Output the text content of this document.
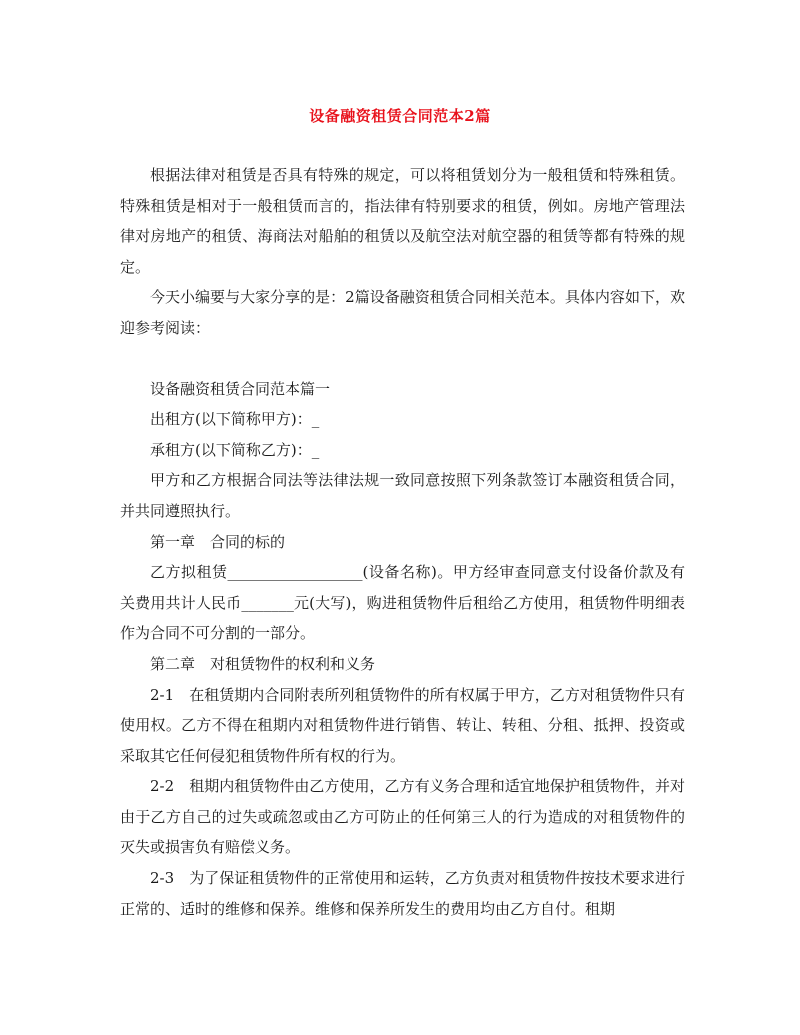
设备融资租赁合同范本2篇

根据法律对租赁是否具有特殊的规定，可以将租赁划分为一般租赁和特殊租赁。特殊租赁是相对于一般租赁而言的，指法律有特别要求的租赁，例如。房地产管理法律对房地产的租赁、海商法对船舶的租赁以及航空法对航空器的租赁等都有特殊的规定。

今天小编要与大家分享的是：2篇设备融资租赁合同相关范本。具体内容如下，欢迎参考阅读：

设备融资租赁合同范本篇一

出租方(以下简称甲方)：_

承租方(以下简称乙方)：_

甲方和乙方根据合同法等法律法规一致同意按照下列条款签订本融资租赁合同，并共同遵照执行。

第一章　合同的标的

乙方拟租赁__________________(设备名称)。甲方经审查同意支付设备价款及有关费用共计人民币_______元(大写)，购进租赁物件后租给乙方使用，租赁物件明细表作为合同不可分割的一部分。

第二章　对租赁物件的权利和义务

2-1　在租赁期内合同附表所列租赁物件的所有权属于甲方，乙方对租赁物件只有使用权。乙方不得在租期内对租赁物件进行销售、转让、转租、分租、抵押、投资或采取其它任何侵犯租赁物件所有权的行为。

2-2　租期内租赁物件由乙方使用，乙方有义务合理和适宜地保护租赁物件，并对由于乙方自己的过失或疏忽或由乙方可防止的任何第三人的行为造成的对租赁物件的灭失或损害负有赔偿义务。

2-3　为了保证租赁物件的正常使用和运转，乙方负责对租赁物件按技术要求进行正常的、适时的维修和保养。维修和保养所发生的费用均由乙方自付。租期
